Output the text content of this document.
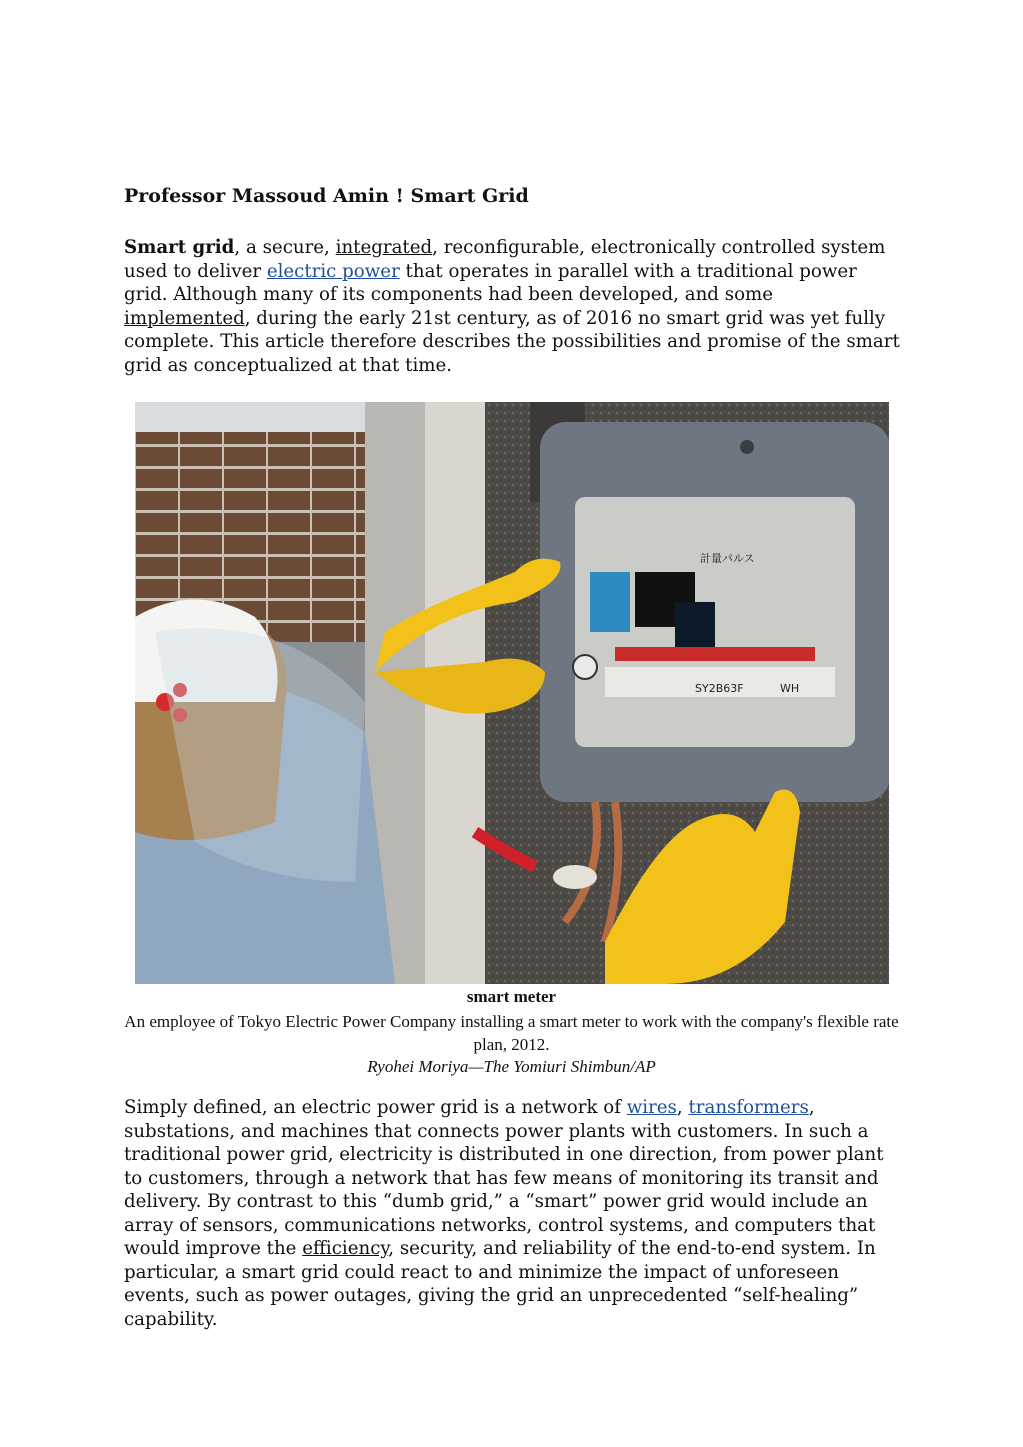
Professor Massoud Amin ! Smart Grid

Smart grid, a secure, integrated, reconfigurable, electronically controlled system used to deliver electric power that operates in parallel with a traditional power grid. Although many of its components had been developed, and some implemented, during the early 21st century, as of 2016 no smart grid was yet fully complete. This article therefore describes the possibilities and promise of the smart grid as conceptualized at that time.

計量パルス
SY2B63F	WH
smart meter
An employee of Tokyo Electric Power Company installing a smart meter to work with the company's flexible rate plan, 2012.
Ryohei Moriya—The Yomiuri Shimbun/AP

Simply defined, an electric power grid is a network of wires, transformers, substations, and machines that connects power plants with customers. In such a traditional power grid, electricity is distributed in one direction, from power plant to customers, through a network that has few means of monitoring its transit and delivery. By contrast to this “dumb grid,” a “smart” power grid would include an array of sensors, communications networks, control systems, and computers that would improve the efficiency, security, and reliability of the end-to-end system. In particular, a smart grid could react to and minimize the impact of unforeseen events, such as power outages, giving the grid an unprecedented “self-healing” capability.
